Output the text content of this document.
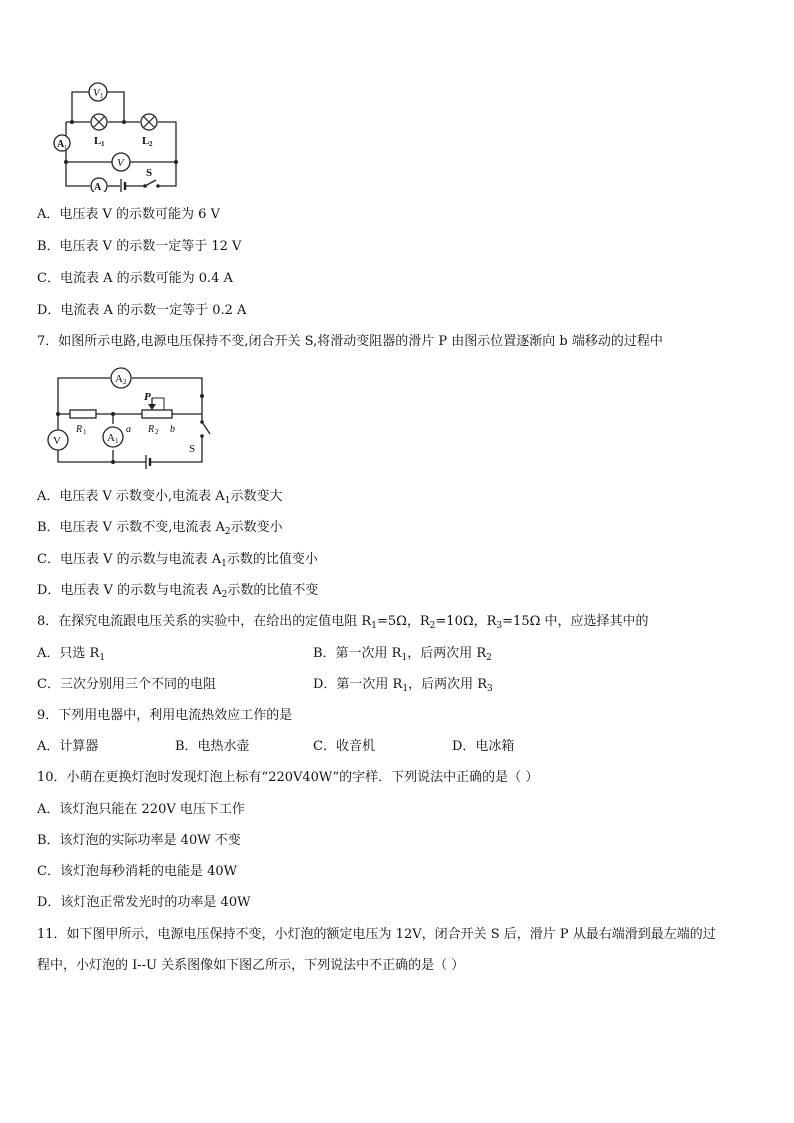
V 1
L 1	L 2
A 1
V
A
S
A．电压表 V 的示数可能为 6 V
B．电压表 V 的示数一定等于 12 V
C．电流表 A 的示数可能为 0.4 A
D．电流表 A 的示数一定等于 0.2 A
7．如图所示电路,电源电压保持不变,闭合开关 S,将滑动变阻器的滑片 P 由图示位置逐渐向 b 端移动的过程中
A 2
R 1
P
a R 2 b
V	A 1
S
A．电压表 V 示数变小,电流表 $A_1$示数变大
B．电压表 V 示数不变,电流表 $A_2$示数变小
C．电压表 V 的示数与电流表 $A_1$示数的比值变小
D．电压表 V 的示数与电流表 $A_2$示数的比值不变
8．在探究电流跟电压关系的实验中，在给出的定值电阻 $R_1=5\Omega$，$R_2=10\Omega$，$R_3=15\Omega$ 中，应选择其中的
A．只选 $R_1$	B．第一次用 $R_1$，后两次用 $R_2$
C．三次分别用三个不同的电阻	D．第一次用 $R_1$，后两次用 $R_3$
9．下列用电器中，利用电流热效应工作的是
A．计算器	B．电热水壶	C．收音机	D．电冰箱
10．小萌在更换灯泡时发现灯泡上标有“220V40W”的字样．下列说法中正确的是（ ）
A．该灯泡只能在 220V 电压下工作
B．该灯泡的实际功率是 40W 不变
C．该灯泡每秒消耗的电能是 40W
D．该灯泡正常发光时的功率是 40W
11．如下图甲所示，电源电压保持不变，小灯泡的额定电压为 12V，闭合开关 S 后，滑片 P 从最右端滑到最左端的过
程中，小灯泡的 I--U 关系图像如下图乙所示，下列说法中不正确的是（ ）
